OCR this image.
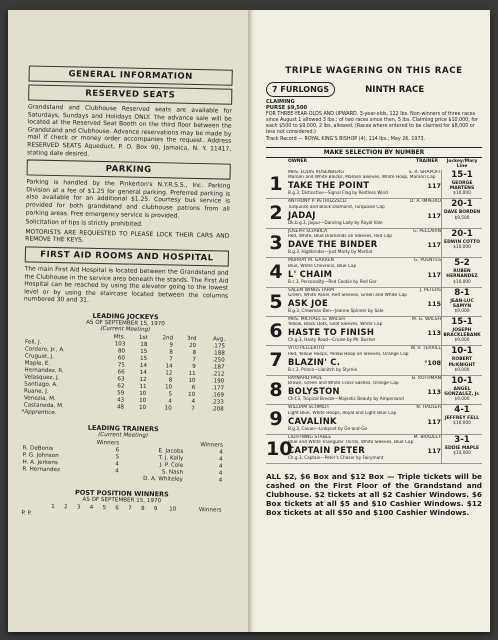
GENERAL INFORMATION
RESERVED SEATS

Grandstand and Clubhouse Reserved seats are available for Saturdays, Sundays and Holidays ONLY. The advance sale will be located at the Reserved Seat Booth on the third floor between the Grandstand and Clubhouse. Advance reservations may be made by mail if check or money order accompanies the request. Address RESERVED SEATS Aqueduct, P. O. Box 90, Jamaica, N. Y. 11417, stating date desired.

PARKING

Parking is handled by the Pinkerton's N.Y.R.S.S., Inc. Parking Division at a fee of $1.25 for general parking. Preferred parking is also available for an additional $1.25. Courtesy bus service is provided for both grandstand and clubhouse patrons from all parking areas. Free emergency service is provided.

Solicitation of tips is strictly prohibited.

MOTORISTS ARE REQUESTED TO PLEASE LOCK THEIR CARS AND REMOVE THE KEYS.

FIRST AID ROOMS AND HOSPITAL

The main First Aid Hospital is located between the Grandstand and the Clubhouse in the service area beneath the stands. The First Aid Hospital can be reached by using the elevator going to the lowest level or by using the staircase located between the columns numbered 30 and 31.

LEADING JOCKEYS
AS OF SEPTEMBER 15, 1970
(Current Meeting)
	Mts.	1st	2nd	3rd	Avg.
Fell, J.	103	18	9	20	.175
Cordero, Jr., A.	80	15	8	8	.188
Cruguet, J.	60	15	7	7	.250
Maple, E.	75	14	14	9	.187
Hernandez, R.	66	14	12	11	.212
Velasquez, J.	63	12	8	10	.190
Santiago, A.	62	11	10	6	.177
Ruane, J.	59	10	5	10	.169
Venezia, M.	43	10	4	4	.233
Castaneda, M.	48	10	10	7	.208
*Apprentice.
LEADING TRAINERS
(Current Meeting)
	Winners		Winners
R. DeBonis	6	E. Jacobs	4
P. G. Johnson	5	T. J. Kelly	4
H. A. Jerkens	4	J. P. Cole	4
R. Hernandez	4	S. Nash	4
		D. A. Whiteley	4
POST POSITION WINNERS
AS OF SEPTEMBER 15, 1970
	1	2	3	4	5	6	7	8	9	10	Winners
P. P.											

TRIPLE WAGERING ON THIS RACE
7 FURLONGS	NINTH RACE
CLAIMING
PURSE $9,500
FOR THREE-YEAR-OLDS AND UPWARD. 3-year-olds, 122 lbs. Non-winners of three races since August 1 allowed 3 lbs.; of two races since then, 5 lbs. Claiming price $10,000; for each $500 to $9,000, 2 lbs. allowed. (Races where entered to be claimed for $8,000 or less not considered.)
Track Record — ROYAL KING'S BISHOP (4), 114 lbs.; May 26, 1973.
MAKE SELECTION BY NUMBER
OWNER	TRAINER	Jockey/Mary Line
1
MRS. LOUIS ROSENBERG	S. R. SHAPOFF
Maroon and White Blocks, Maroon Sleeves, White Hoop, Maroon Cap
TAKE THE POINT	117
B.g.3, Distinctive—Signal Flag by Restless Wind
15-1
GEORGE MARTENS
$10,000
2
ANTHONY P. PETRUZZELLI	D. A. IMPERIO
Turquoise and Black Diamond, Turquoise Cap
JADAJ	117
Dk.b.g.3, Jaipur—Dancing Lady by Royal Vale
20-1
DAVE BORDEN
$9,500
3
JOSEPH SCIABICA	G. PELLARIN
Red, White, Blue Diamonds on Sleeves, Red Cap
DAVE THE BINDER	117
B.g.3, Highbinder—Just Marty by Martial
20-1
EDWIN COTTO
$10,000
4
MURRAY M. GARREN	G. PUENTES
Blue, White Chevrons, Blue Cap
L' CHAIM	117
B.c.3, Personality—Red Cookie by Red Gor
5-2
RUBEN HERNANDEZ
$10,000
5
SALEM WINGS FARM	J. PETERS
Green, White Panel, Red Sleeves, Green and White Cap
ASK JOE	115
B.g.3, Crewman Ben—Jeanne Spinner by Sale
8-1
JEAN-LUC SAMYN
$9,000
6
MRS. MICHAEL G. WALSH	M. G. WALSH
Yellow, Black Dots, Gold Sleeves, White Cap
HASTE TO FINISH	113
Ch.g.3, Hasty Road—Cruise by Mr. Busher
15-1
JOSEPH BRACKLEBANK
$9,000
7
VITO PELLERITO	W. V. TERRILL
Red, Yellow Hoops, Yellow Hoop on Sleeves, Orange Cap
BLAZIN' C.	°108
B.c.3, Prince—Llanitch by Stymie
10-1
ROBERT McKNIGHT
$9,000
8
RAYNARD PAUL	B. ROTHMAN
Brown, Green and White Cross Sashes, Orange Cap
BOLYSTON	113
Ch.f.3, Tropical Breeze—Majestic Beauty by Ampersand
10-1
ANGEL GONZALEZ, Jr.
$9,000
9
WILLIAM SCHMIDT	N. HADLER
Light Blue, White Hoops, Royal and Light Blue Cap
CAVALINK	117
B.g.3, Cavan—Linkpost by Go-and-Go
4-1
JEFFREY FELL
$10,000
10
LIGHTNING STABLE	M. BRADLEY
Blue and White Triangular Thirds, White Sleeves, Blue Cap
CAPTAIN PETER	117
Ch.g.3, Captain—Peter's Chaser by Fairymant
3-1
EDDIE MAPLE
$10,000
ALL $2, $6 Box and $12 Box — Triple tickets will be cashed on the First Floor of the Grandstand and Clubhouse. $2 tickets at all $2 Cashier Windows. $6 Box tickets at all $5 and $10 Cashier Windows. $12 Box tickets at all $50 and $100 Cashier Windows.
